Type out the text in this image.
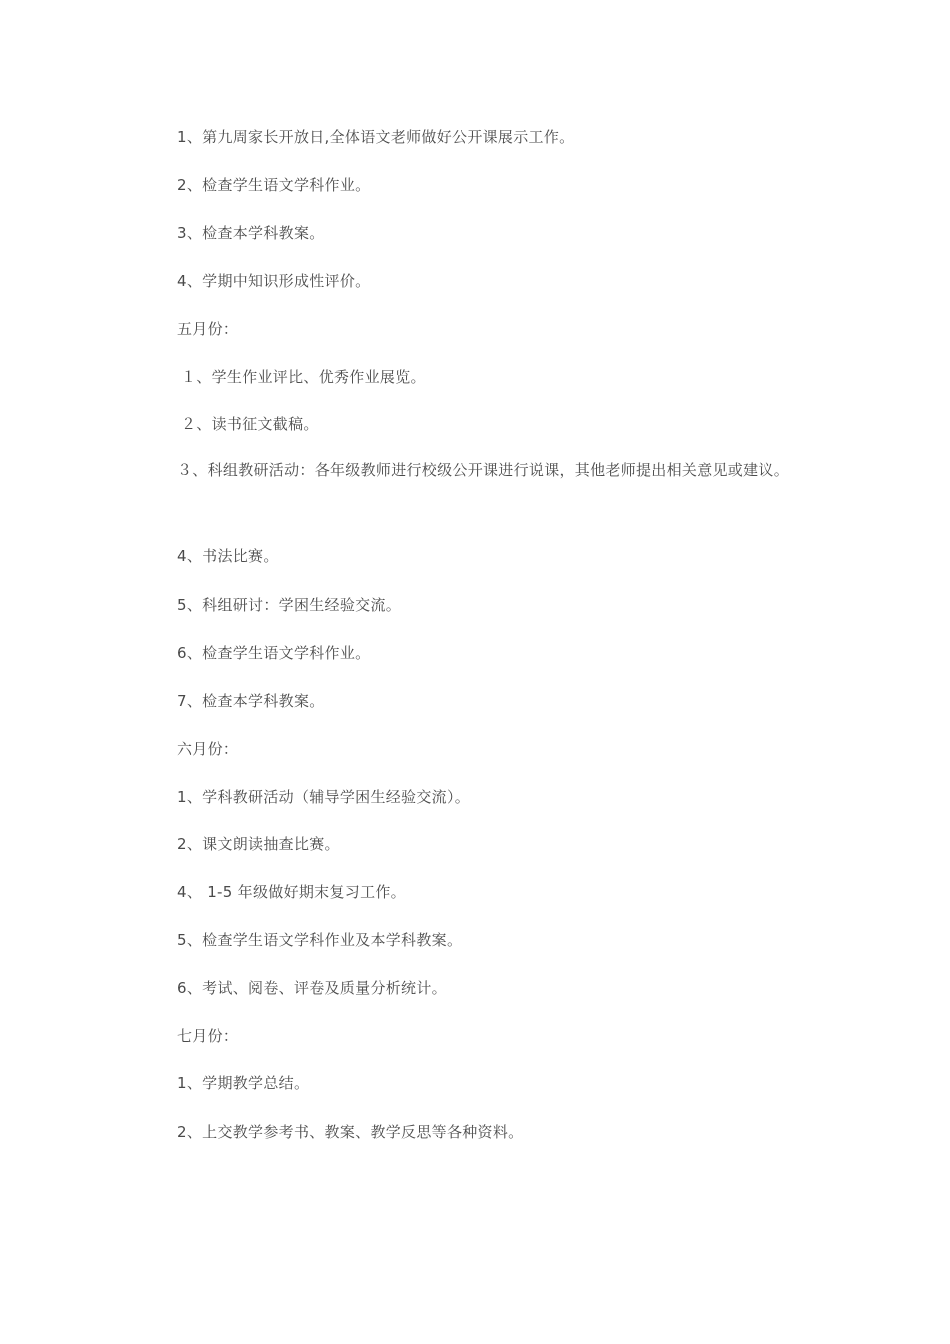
1、第九周家长开放日,全体语文老师做好公开课展示工作。
2、检查学生语文学科作业。
3、检查本学科教案。
4、学期中知识形成性评价。
五月份：
１、学生作业评比、优秀作业展览。
２、读书征文截稿。
３、科组教研活动：各年级教师进行校级公开课进行说课，其他老师提出相关意见或建议。
4、书法比赛。
5、科组研讨：学困生经验交流。
6、检查学生语文学科作业。
7、检查本学科教案。
六月份：
1、学科教研活动（辅导学困生经验交流）。
2、课文朗读抽查比赛。
4、 1-5 年级做好期末复习工作。
5、检查学生语文学科作业及本学科教案。
6、考试、阅卷、评卷及质量分析统计。
七月份：
1、学期教学总结。
2、上交教学参考书、教案、教学反思等各种资料。
